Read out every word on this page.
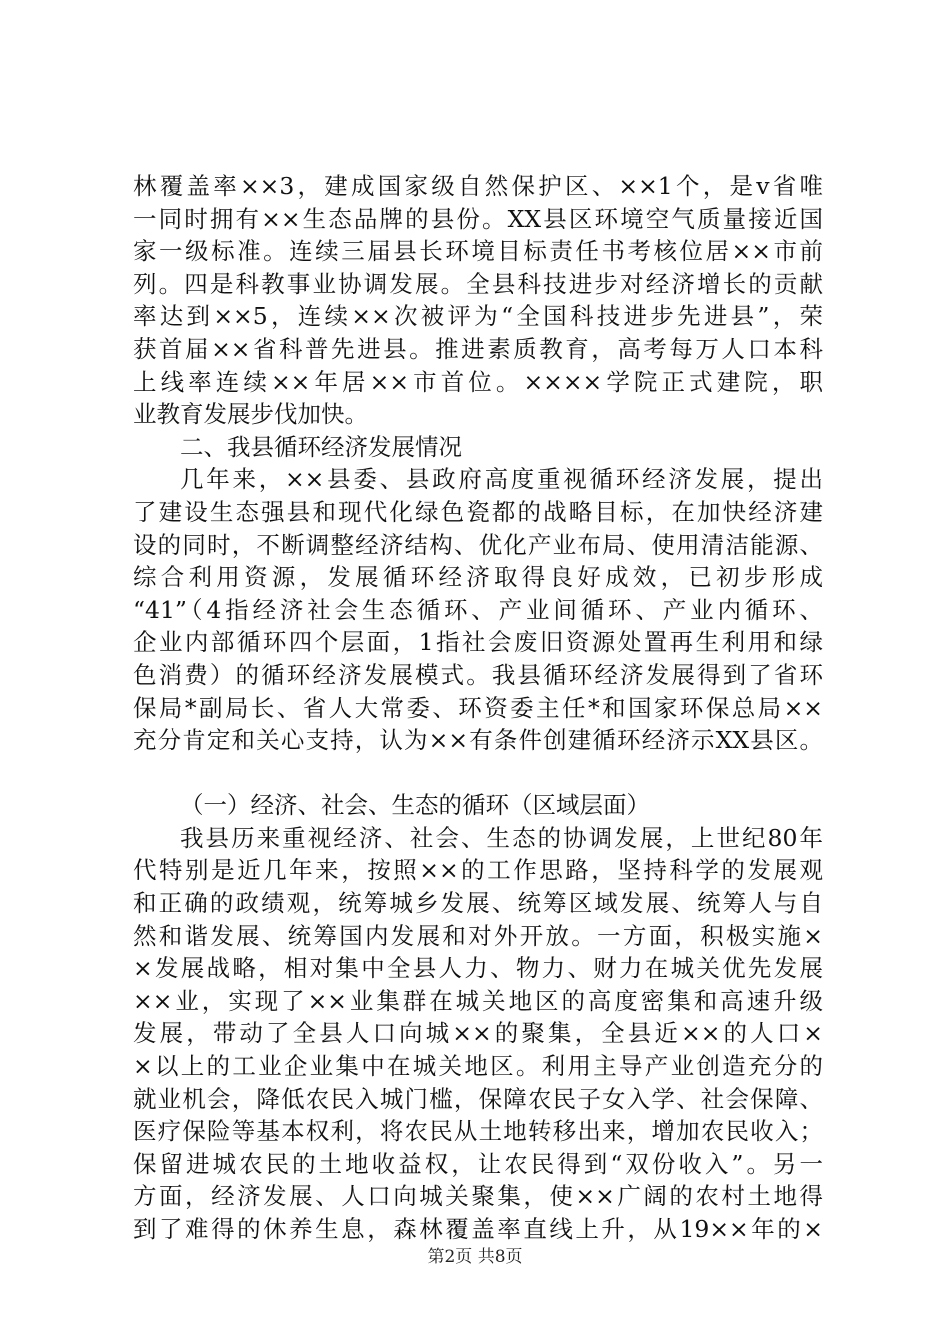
林覆盖率××3，建成国家级自然保护区、××1个，是v省唯
一同时拥有××生态品牌的县份。XX县区环境空气质量接近国
家一级标准。连续三届县长环境目标责任书考核位居××市前
列。四是科教事业协调发展。全县科技进步对经济增长的贡献
率达到××5，连续××次被评为“全国科技进步先进县”，荣
获首届××省科普先进县。推进素质教育，高考每万人口本科
上线率连续××年居××市首位。××××学院正式建院，职
业教育发展步伐加快。
二、我县循环经济发展情况
几年来，××县委、县政府高度重视循环经济发展，提出
了建设生态强县和现代化绿色瓷都的战略目标，在加快经济建
设的同时，不断调整经济结构、优化产业布局、使用清洁能源、
综合利用资源，发展循环经济取得良好成效，已初步形成
“41”（4指经济社会生态循环、产业间循环、产业内循环、
企业内部循环四个层面，1指社会废旧资源处置再生利用和绿
色消费）的循环经济发展模式。我县循环经济发展得到了省环
保局*副局长、省人大常委、环资委主任*和国家环保总局××
充分肯定和关心支持，认为××有条件创建循环经济示XX县区。
（一）经济、社会、生态的循环（区域层面）
我县历来重视经济、社会、生态的协调发展，上世纪80年
代特别是近几年来，按照××的工作思路，坚持科学的发展观
和正确的政绩观，统筹城乡发展、统筹区域发展、统筹人与自
然和谐发展、统筹国内发展和对外开放。一方面，积极实施×
×发展战略，相对集中全县人力、物力、财力在城关优先发展
××业，实现了××业集群在城关地区的高度密集和高速升级
发展，带动了全县人口向城××的聚集，全县近××的人口×
×以上的工业企业集中在城关地区。利用主导产业创造充分的
就业机会，降低农民入城门槛，保障农民子女入学、社会保障、
医疗保险等基本权利，将农民从土地转移出来，增加农民收入；
保留进城农民的土地收益权，让农民得到“双份收入”。另一
方面，经济发展、人口向城关聚集，使××广阔的农村土地得
到了难得的休养生息，森林覆盖率直线上升，从19××年的×
第2页 共8页
